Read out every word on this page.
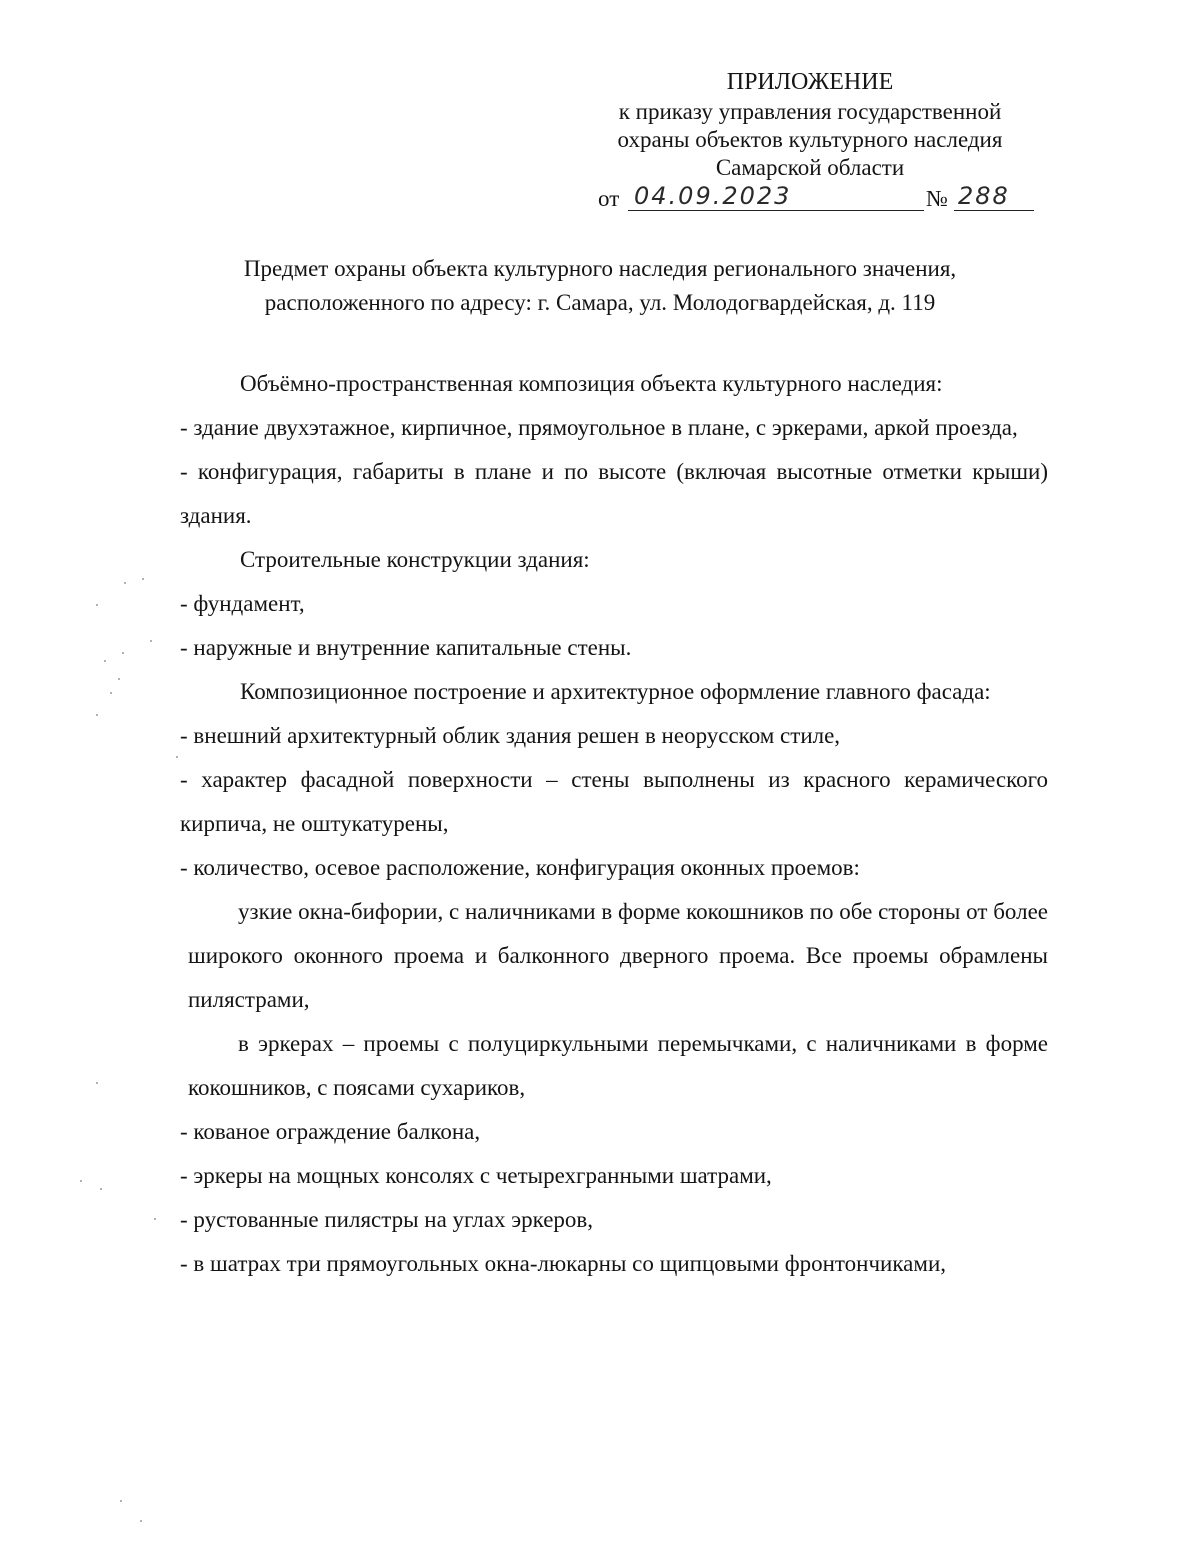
ПРИЛОЖЕНИЕ
к приказу управления государственной
охраны объектов культурного наследия
Самарской области
от 04.09.2023	№ 288
Предмет охраны объекта культурного наследия регионального значения,
расположенного по адресу: г. Самара, ул. Молодогвардейская, д. 119

Объёмно-пространственная композиция объекта культурного наследия:

- здание двухэтажное, кирпичное, прямоугольное в плане, с эркерами, аркой проезда,

- конфигурация, габариты в плане и по высоте (включая высотные отметки крыши) здания.

Строительные конструкции здания:

- фундамент,

- наружные и внутренние капитальные стены.

Композиционное построение и архитектурное оформление главного фасада:

- внешний архитектурный облик здания решен в неорусском стиле,

- характер фасадной поверхности – стены выполнены из красного керамического кирпича, не оштукатурены,

- количество, осевое расположение, конфигурация оконных проемов:

узкие окна-бифории, с наличниками в форме кокошников по обе стороны от более широкого оконного проема и балконного дверного проема. Все проемы обрамлены пилястрами,

в эркерах – проемы с полуциркульными перемычками, с наличниками в форме кокошников, с поясами сухариков,

- кованое ограждение балкона,

- эркеры на мощных консолях с четырехгранными шатрами,

- рустованные пилястры на углах эркеров,

- в шатрах три прямоугольных окна-люкарны со щипцовыми фронтончиками,
